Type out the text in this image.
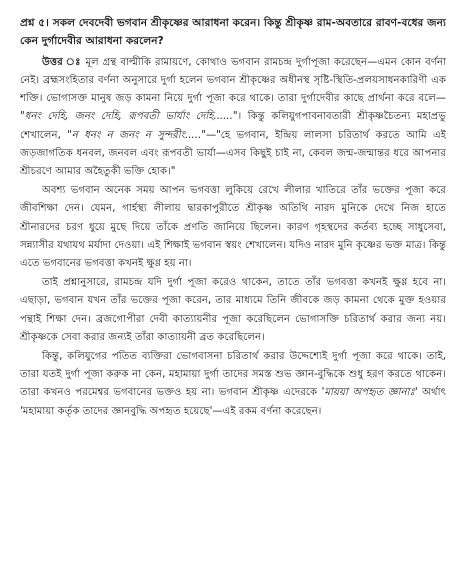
প্রশ্ন ৫। সকল দেবদেবী ভগবান শ্রীকৃষ্ণের আরাধনা করেন। কিন্তু শ্রীকৃষ্ণ রাম-অবতারে রাবণ-বধের জন্য কেন দুর্গাদেবীর আরাধনা করলেন?

উত্তর ঃ মূল গ্রন্থ বাল্মীকি রামায়ণে, কোথাও ভগবান রামচন্দ্র দুর্গাপূজা করেছেন—এমন কোন বর্ণনা নেই। ব্রহ্মসংহিতার বর্ণনা অনুসারে দুর্গা হলেন ভগবান শ্রীকৃষ্ণের অধীনস্থ সৃষ্টি-স্থিতি-প্রলয়সাধনকারিণী এক শক্তি। ভোগাসক্ত মানুষ জড় কামনা নিয়ে দুর্গা পূজা করে থাকে। তারা দুর্গাদেবীর কাছে প্রার্থনা করে বলে— "ধনং দেহি, জনং দেহি, রূপবতী ভার্যাং দেহি......"। কিন্তু কলিযুগপাবনাবতারী শ্রীকৃষ্ণচৈতন্য মহাপ্রভু শেখালেন, "ন ধনং ন জনং ন সুন্দরীং....."—"হে ভগবান, ইন্দ্রিয় লালসা চরিতার্থ করতে আমি এই জড়জাগতিক ধনবল, জনবল এবং রূপবতী ভার্যা—এসব কিছুই চাই না, কেবল জন্ম-জন্মান্তর ধরে আপনার শ্রীচরণে আমার অহৈতুকী ভক্তি হোক।"

অবশ্য ভগবান অনেক সময় আপন ভগবত্তা লুকিয়ে রেখে লীলার খাতিরে তাঁর ভক্তের পূজা করে জীবশিক্ষা দেন। যেমন, গার্হস্থ্য লীলায় দ্বারকাপুরীতে শ্রীকৃষ্ণ অতিথি নারদ মুনিকে দেখে নিজ হাতে শ্রীনারদের চরণ ধুয়ে মুছে দিয়ে তাঁকে প্রণতি জানিয়ে ছিলেন। কারণ গৃহস্থদের কর্তব্য হচ্ছে সাধুসেবা, সন্ন্যাসীর যথাযথ মর্যাদা দেওয়া। এই শিক্ষাই ভগবান স্বয়ং শেখালেন। যদিও নারদ মুনি কৃষ্ণের ভক্ত মাত্র। কিন্তু এতে ভগবানের ভগবত্তা কখনই ক্ষুণ্ণ হয় না।

তাই প্রশ্নানুসারে, রামচন্দ্র যদি দুর্গা পূজা করেও থাকেন, তাতে তাঁর ভগবত্তা কখনই ক্ষুণ্ণ হবে না। এছাড়া, ভগবান যখন তাঁর ভক্তের পূজা করেন, তার মাধ্যমে তিনি জীবকে জড় কামনা থেকে মুক্ত হওয়ার পন্থাই শিক্ষা দেন। ব্রজগোপীরা দেবী কাত্যায়নীর পূজা করেছিলেন ভোগাসক্তি চরিতার্থ করার জন্য নয়। শ্রীকৃষ্ণকে সেবা করার জন্যই তাঁরা কাত্যায়নী ব্রত করেছিলেন।

কিন্তু, কলিযুগের পতিত ব্যক্তিরা ভোগবাসনা চরিতার্থ করার উদ্দেশ্যেই দুর্গা পূজা করে থাকে। তাই, তারা যতই দুর্গা পূজা করুক না কেন, মহামায়া দুর্গা তাদের সমস্ত শুভ জ্ঞান-বুদ্ধিকে শুধু হরণ করতে থাকেন। তারা কখনও পরমেশ্বর ভগবানের ভক্তও হয় না। ভগবান শ্রীকৃষ্ণ এদেরকে 'মায়য়া অপহৃত জ্ঞানাঃ' অর্থাৎ 'মহামায়া কর্তৃক তাদের জ্ঞানবুদ্ধি অপহৃত হয়েছে'—এই রকম বর্ণনা করেছেন।
